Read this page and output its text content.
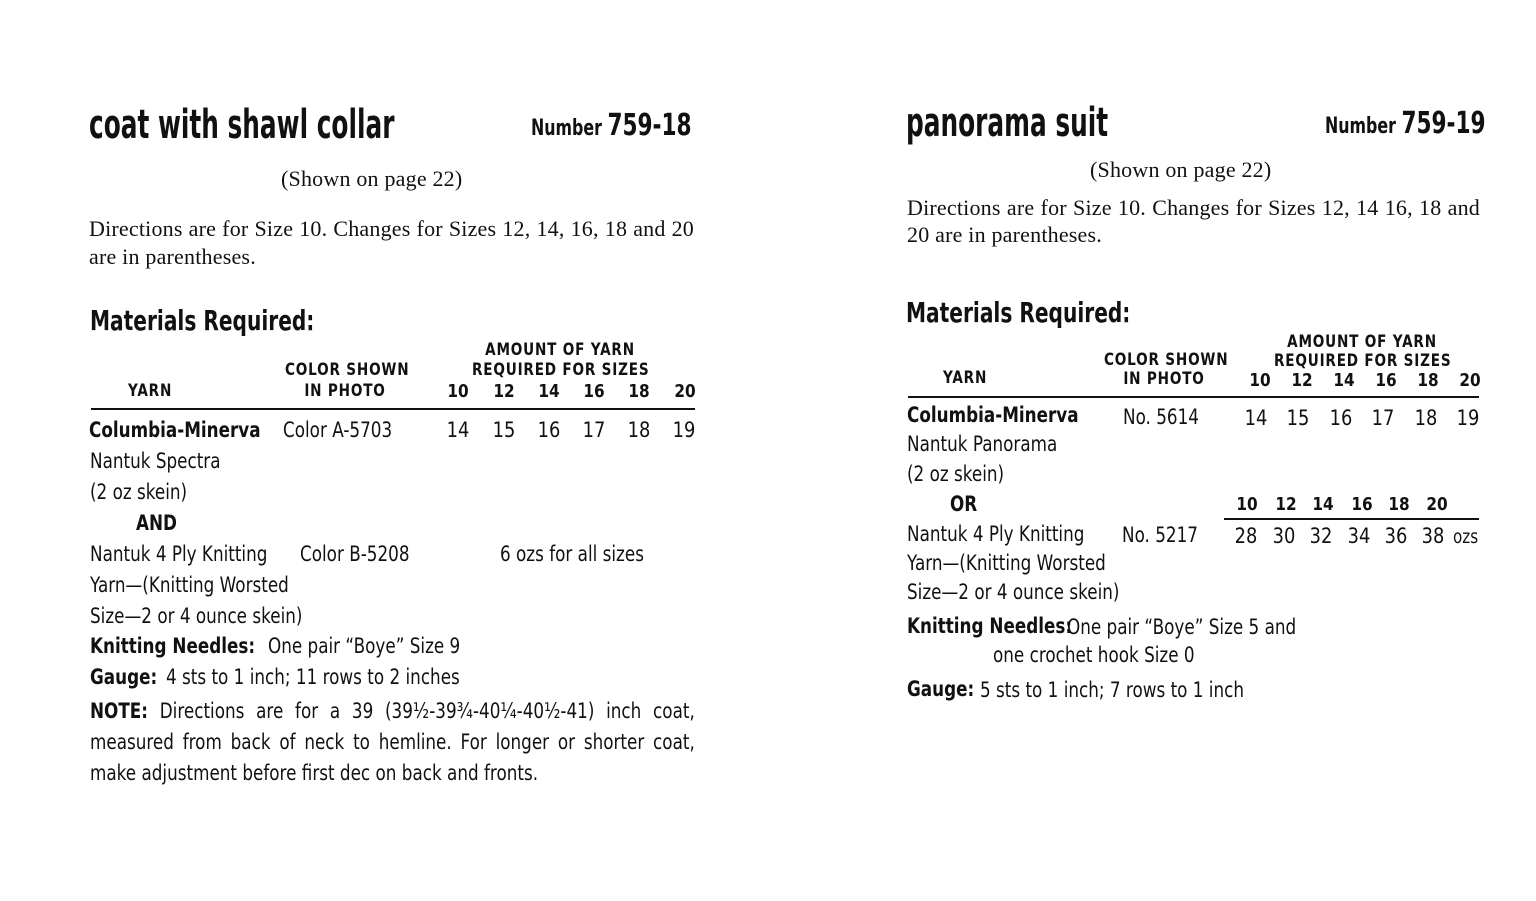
coat with shawl collar	Number 759-18
(Shown on page 22)
Directions are for Size 10. Changes for Sizes 12, 14, 16, 18 and 20 are in parentheses.
Materials Required:
YARN
COLOR SHOWN
IN PHOTO
AMOUNT OF YARN
REQUIRED FOR SIZES
10	12	14	16	18	20
Columbia-Minerva
Nantuk Spectra
(2 oz skein)
Color A-5703	14 15 16 17 18 19
AND
Nantuk 4 Ply Knitting
Yarn—(Knitting Worsted
Size—2 or 4 ounce skein)
Color B-5208	6 ozs for all sizes
Knitting Needles: One pair “Boye” Size 9
Gauge: 4 sts to 1 inch; 11 rows to 2 inches
NOTE: Directions are for a 39 (39½-39¾-40¼-40½-41) inch coat, measured from back of neck to hemline. For longer or shorter coat, make adjustment before first dec on back and fronts.
panorama suit	Number 759-19
(Shown on page 22)
Directions are for Size 10. Changes for Sizes 12, 14 16, 18 and 20 are in parentheses.
Materials Required:
YARN
COLOR SHOWN
IN PHOTO
AMOUNT OF YARN
REQUIRED FOR SIZES
10	12	14	16	18	20
Columbia-Minerva
Nantuk Panorama
(2 oz skein)
No. 5614 14 15 16 17 18 19
OR	10 12 14 16 18 20
Nantuk 4 Ply Knitting
Yarn—(Knitting Worsted
Size—2 or 4 ounce skein)
No. 5217 28 30 32 34 36 38 ozs
Knitting Needles:
One pair “Boye” Size 5 and
one crochet hook Size 0
Gauge: 5 sts to 1 inch; 7 rows to 1 inch
